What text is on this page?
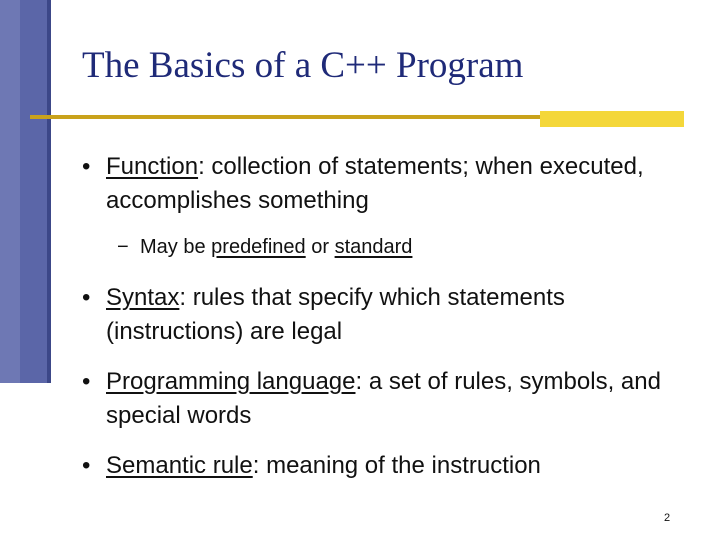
The Basics of a C++ Program
• Function: collection of statements; when executed, accomplishes something
− May be predefined or standard
• Syntax: rules that specify which statements (instructions) are legal
• Programming language: a set of rules, symbols, and special words
• Semantic rule: meaning of the instruction
2
